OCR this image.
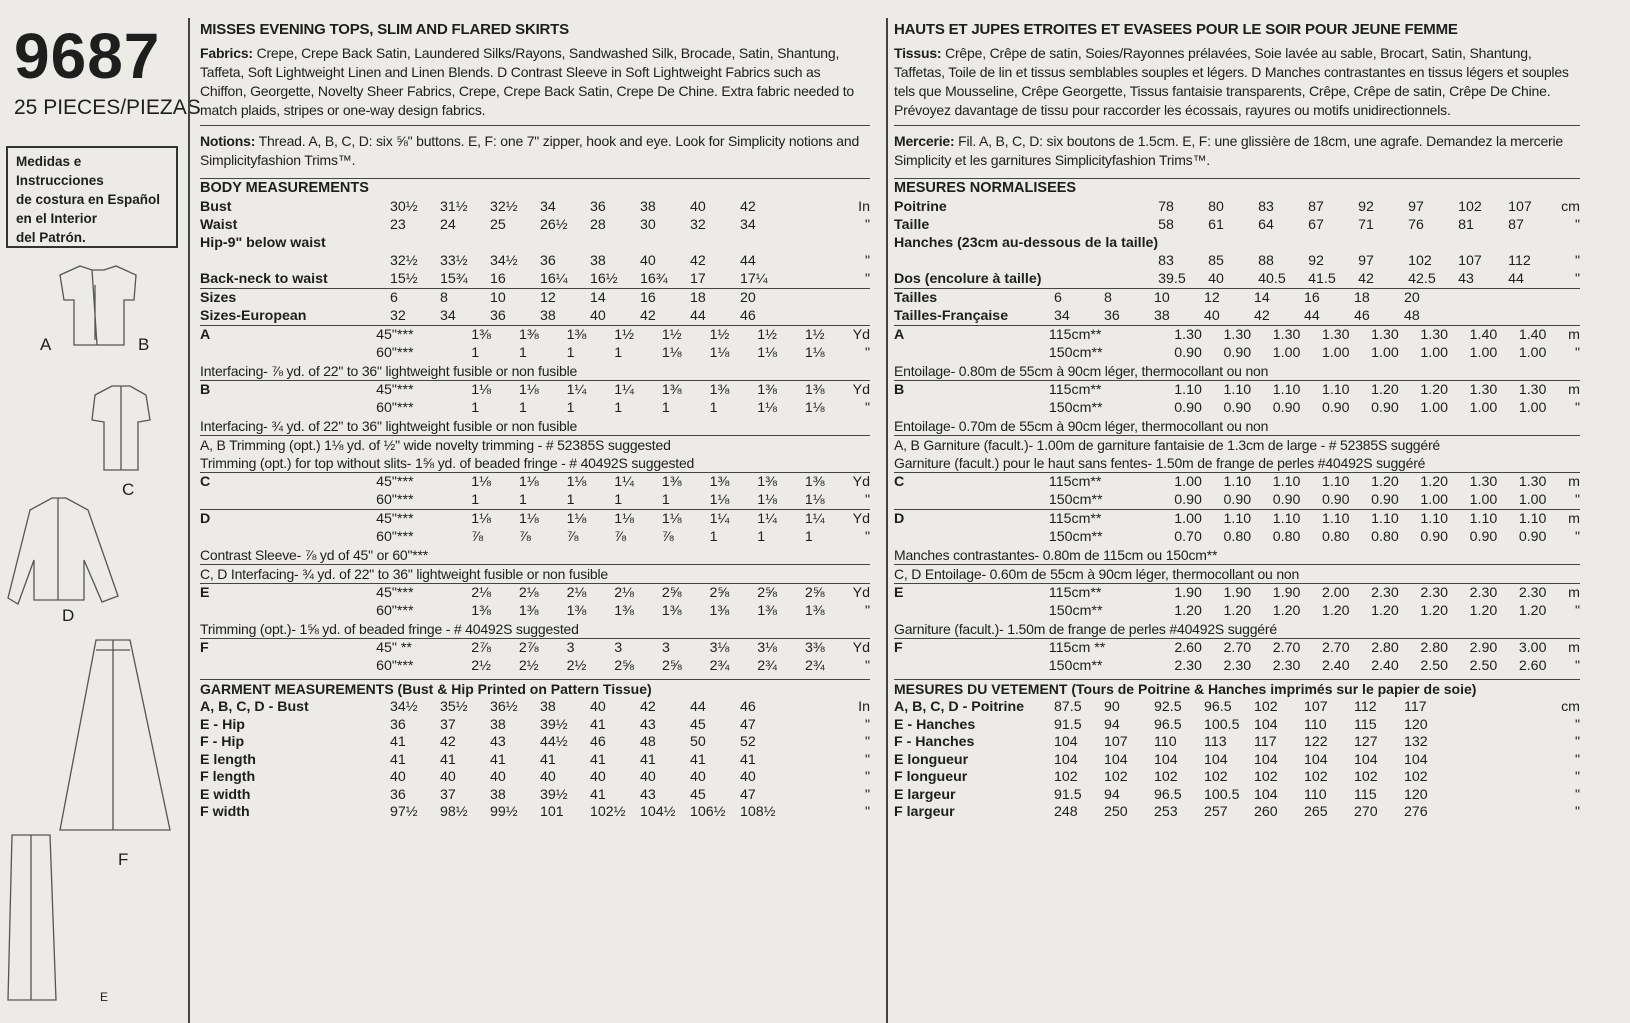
9687
25 PIECES/PIEZAS
Medidas e Instrucciones
de costura en Español
en el Interior
del Patrón.
A	B
C
D
F
E
MISSES EVENING TOPS, SLIM AND FLARED SKIRTS
Fabrics: Crepe, Crepe Back Satin, Laundered Silks/Rayons, Sandwashed Silk, Brocade, Satin, Shantung, Taffeta, Soft Lightweight Linen and Linen Blends. D Contrast Sleeve in Soft Lightweight Fabrics such as Chiffon, Georgette, Novelty Sheer Fabrics, Crepe, Crepe Back Satin, Crepe De Chine. Extra fabric needed to match plaids, stripes or one-way design fabrics.
Notions: Thread. A, B, C, D: six ⅝" buttons. E, F: one 7" zipper, hook and eye. Look for Simplicity notions and Simplicityfashion Trims™.
BODY MEASUREMENTS
Bust	30½	31½	32½	34	36	38	40	42	In
Waist	23	24	25	26½	28	30	32	34	"
Hip-9" below waist									
	32½	33½	34½	36	38	40	42	44	"
Back-neck to waist	15½	15¾	16	16¼	16½	16¾	17	17¼	"
Sizes	6	8	10	12	14	16	18	20	
Sizes-European	32	34	36	38	40	42	44	46	
A	45"***	1⅜	1⅜	1⅜	1½	1½	1½	1½	1½	Yd
	60"***	1	1	1	1	1⅛	1⅛	1⅛	1⅛	"
Interfacing- ⅞ yd. of 22" to 36" lightweight fusible or non fusible
B	45"***	1⅛	1⅛	1¼	1¼	1⅜	1⅜	1⅜	1⅜	Yd
	60"***	1	1	1	1	1	1	1⅛	1⅛	"
Interfacing- ¾ yd. of 22" to 36" lightweight fusible or non fusible
A, B Trimming (opt.) 1⅛ yd. of ½" wide novelty trimming - # 52385S suggested
Trimming (opt.) for top without slits- 1⅝ yd. of beaded fringe - # 40492S suggested
C	45"***	1⅛	1⅛	1⅛	1¼	1⅜	1⅜	1⅜	1⅜	Yd
	60"***	1	1	1	1	1	1⅛	1⅛	1⅛	"
D	45"***	1⅛	1⅛	1⅛	1⅛	1⅛	1¼	1¼	1¼	Yd
	60"***	⅞	⅞	⅞	⅞	⅞	1	1	1	"
Contrast Sleeve- ⅞ yd of 45" or 60"***
C, D Interfacing- ¾ yd. of 22" to 36" lightweight fusible or non fusible
E	45"***	2⅛	2⅛	2⅛	2⅛	2⅝	2⅝	2⅝	2⅝	Yd
	60"***	1⅜	1⅜	1⅜	1⅜	1⅜	1⅜	1⅜	1⅜	"
Trimming (opt.)- 1⅝ yd. of beaded fringe - # 40492S suggested
F	45" **	2⅞	2⅞	3	3	3	3⅛	3⅛	3⅜	Yd
	60"***	2½	2½	2½	2⅝	2⅝	2¾	2¾	2¾	"
GARMENT MEASUREMENTS (Bust & Hip Printed on Pattern Tissue)
A, B, C, D - Bust	34½	35½	36½	38	40	42	44	46	In
E - Hip	36	37	38	39½	41	43	45	47	"
F - Hip	41	42	43	44½	46	48	50	52	"
E length	41	41	41	41	41	41	41	41	"
F length	40	40	40	40	40	40	40	40	"
E width	36	37	38	39½	41	43	45	47	"
F width	97½	98½	99½	101	102½	104½	106½	108½	"
HAUTS ET JUPES ETROITES ET EVASEES POUR LE SOIR POUR JEUNE FEMME
Tissus: Crêpe, Crêpe de satin, Soies/Rayonnes prélavées, Soie lavée au sable, Brocart, Satin, Shantung, Taffetas, Toile de lin et tissus semblables souples et légers. D Manches contrastantes en tissus légers et souples tels que Mousseline, Crêpe Georgette, Tissus fantaisie transparents, Crêpe, Crêpe de satin, Crêpe De Chine. Prévoyez davantage de tissu pour raccorder les écossais, rayures ou motifs unidirectionnels.
Mercerie: Fil. A, B, C, D: six boutons de 1.5cm. E, F: une glissière de 18cm, une agrafe. Demandez la mercerie Simplicity et les garnitures Simplicityfashion Trims™.
MESURES NORMALISEES
Poitrine	78	80	83	87	92	97	102	107	cm
Taille	58	61	64	67	71	76	81	87	"
Hanches (23cm au-dessous de la taille)									
	83	85	88	92	97	102	107	112	"
Dos (encolure à taille)	39.5	40	40.5	41.5	42	42.5	43	44	"
Tailles	6	8	10	12	14	16	18	20	
Tailles-Française	34	36	38	40	42	44	46	48	
A	115cm**	1.30	1.30	1.30	1.30	1.30	1.30	1.40	1.40	m
	150cm**	0.90	0.90	1.00	1.00	1.00	1.00	1.00	1.00	"
Entoilage- 0.80m de 55cm à 90cm léger, thermocollant ou non
B	115cm**	1.10	1.10	1.10	1.10	1.20	1.20	1.30	1.30	m
	150cm**	0.90	0.90	0.90	0.90	0.90	1.00	1.00	1.00	"
Entoilage- 0.70m de 55cm à 90cm léger, thermocollant ou non
A, B Garniture (facult.)- 1.00m de garniture fantaisie de 1.3cm de large - # 52385S suggéré
Garniture (facult.) pour le haut sans fentes- 1.50m de frange de perles #40492S suggéré
C	115cm**	1.00	1.10	1.10	1.10	1.20	1.20	1.30	1.30	m
	150cm**	0.90	0.90	0.90	0.90	0.90	1.00	1.00	1.00	"
D	115cm**	1.00	1.10	1.10	1.10	1.10	1.10	1.10	1.10	m
	150cm**	0.70	0.80	0.80	0.80	0.80	0.90	0.90	0.90	"
Manches contrastantes- 0.80m de 115cm ou 150cm**
C, D Entoilage- 0.60m de 55cm à 90cm léger, thermocollant ou non
E	115cm**	1.90	1.90	1.90	2.00	2.30	2.30	2.30	2.30	m
	150cm**	1.20	1.20	1.20	1.20	1.20	1.20	1.20	1.20	"
Garniture (facult.)- 1.50m de frange de perles #40492S suggéré
F	115cm **	2.60	2.70	2.70	2.70	2.80	2.80	2.90	3.00	m
	150cm**	2.30	2.30	2.30	2.40	2.40	2.50	2.50	2.60	"
MESURES DU VETEMENT (Tours de Poitrine & Hanches imprimés sur le papier de soie)
A, B, C, D - Poitrine	87.5	90	92.5	96.5	102	107	112	117	cm
E - Hanches	91.5	94	96.5	100.5	104	110	115	120	"
F - Hanches	104	107	110	113	117	122	127	132	"
E longueur	104	104	104	104	104	104	104	104	"
F longueur	102	102	102	102	102	102	102	102	"
E largeur	91.5	94	96.5	100.5	104	110	115	120	"
F largeur	248	250	253	257	260	265	270	276	"
